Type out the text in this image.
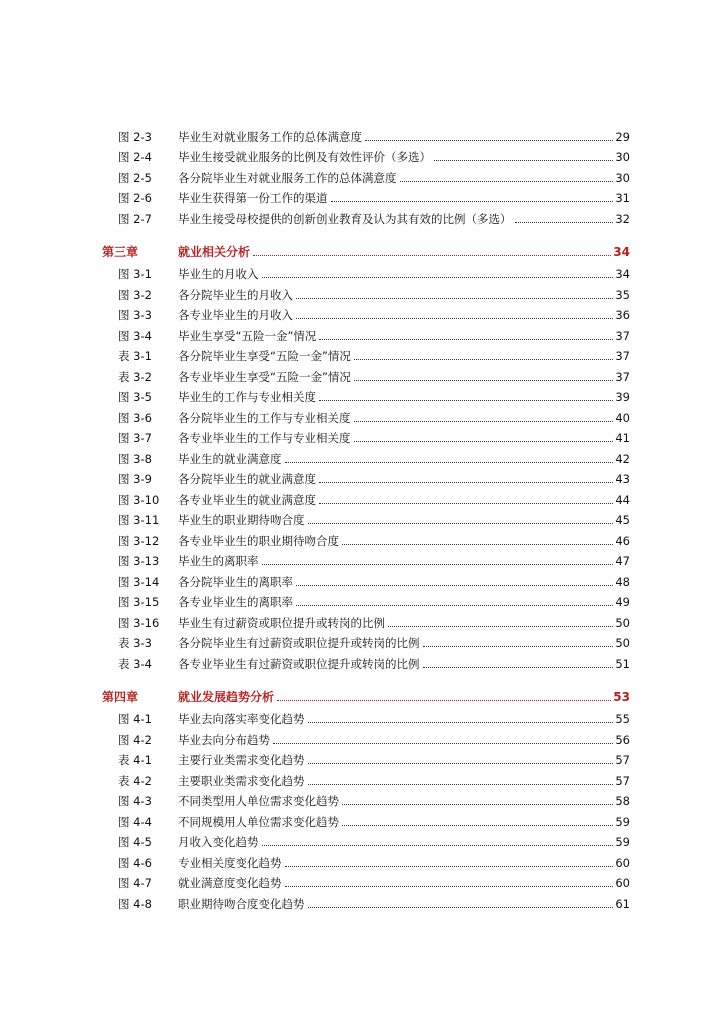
图 2-3	毕业生对就业服务工作的总体满意度	29
图 2-4	毕业生接受就业服务的比例及有效性评价（多选）	30
图 2-5	各分院毕业生对就业服务工作的总体满意度	30
图 2-6	毕业生获得第一份工作的渠道	31
图 2-7	毕业生接受母校提供的创新创业教育及认为其有效的比例（多选）	32
第三章	就业相关分析	34
图 3-1	毕业生的月收入	34
图 3-2	各分院毕业生的月收入	35
图 3-3	各专业毕业生的月收入	36
图 3-4	毕业生享受“五险一金”情况	37
表 3-1	各分院毕业生享受“五险一金”情况	37
表 3-2	各专业毕业生享受“五险一金”情况	37
图 3-5	毕业生的工作与专业相关度	39
图 3-6	各分院毕业生的工作与专业相关度	40
图 3-7	各专业毕业生的工作与专业相关度	41
图 3-8	毕业生的就业满意度	42
图 3-9	各分院毕业生的就业满意度	43
图 3-10	各专业毕业生的就业满意度	44
图 3-11	毕业生的职业期待吻合度	45
图 3-12	各专业毕业生的职业期待吻合度	46
图 3-13	毕业生的离职率	47
图 3-14	各分院毕业生的离职率	48
图 3-15	各专业毕业生的离职率	49
图 3-16	毕业生有过薪资或职位提升或转岗的比例	50
表 3-3	各分院毕业生有过薪资或职位提升或转岗的比例	50
表 3-4	各专业毕业生有过薪资或职位提升或转岗的比例	51
第四章	就业发展趋势分析	53
图 4-1	毕业去向落实率变化趋势	55
图 4-2	毕业去向分布趋势	56
表 4-1	主要行业类需求变化趋势	57
表 4-2	主要职业类需求变化趋势	57
图 4-3	不同类型用人单位需求变化趋势	58
图 4-4	不同规模用人单位需求变化趋势	59
图 4-5	月收入变化趋势	59
图 4-6	专业相关度变化趋势	60
图 4-7	就业满意度变化趋势	60
图 4-8	职业期待吻合度变化趋势	61
